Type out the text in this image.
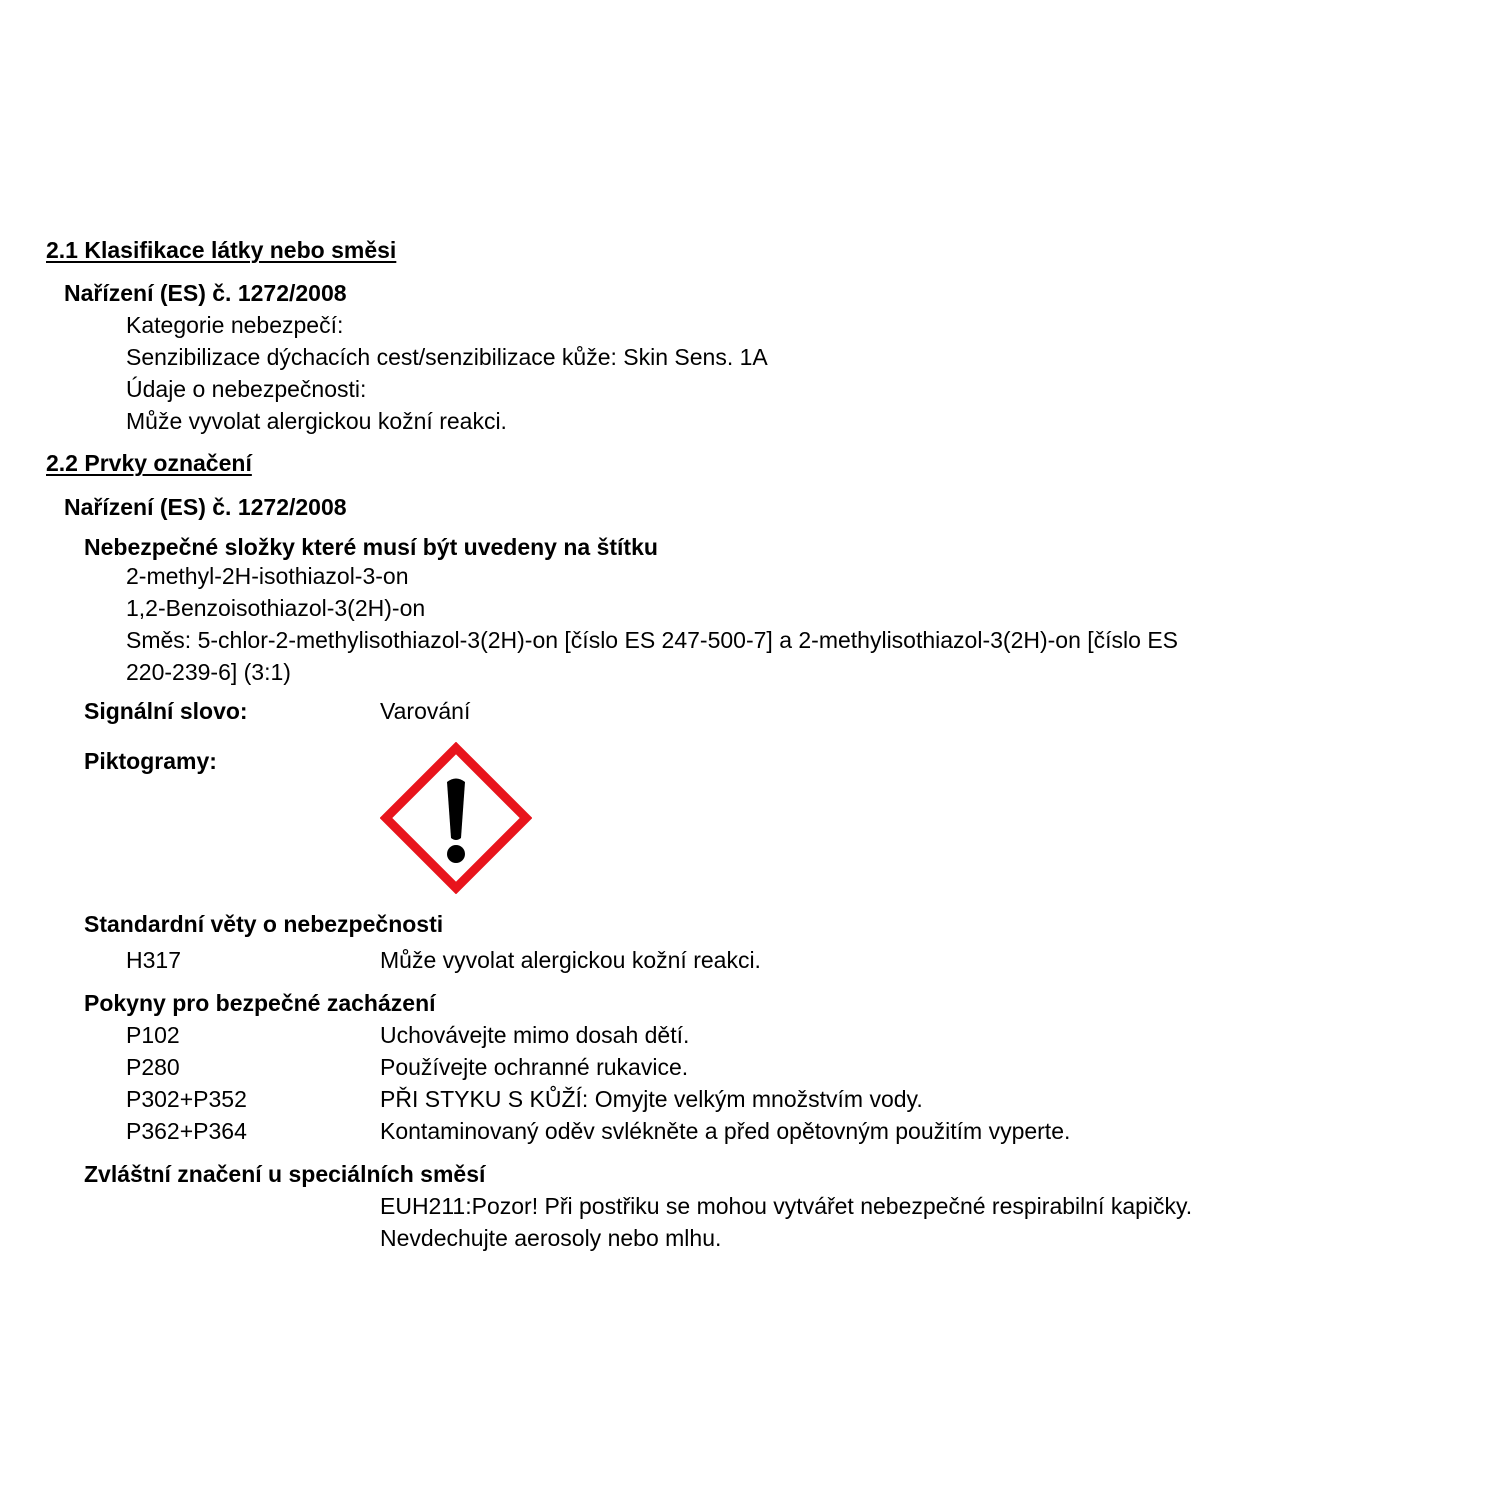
2.1 Klasifikace látky nebo směsi
Nařízení (ES) č. 1272/2008
Kategorie nebezpečí:
Senzibilizace dýchacích cest/senzibilizace kůže: Skin Sens. 1A
Údaje o nebezpečnosti:
Může vyvolat alergickou kožní reakci.
2.2 Prvky označení
Nařízení (ES) č. 1272/2008
Nebezpečné složky které musí být uvedeny na štítku
2-methyl-2H-isothiazol-3-on
1,2-Benzoisothiazol-3(2H)-on
Směs: 5-chlor-2-methylisothiazol-3(2H)-on [číslo ES 247-500-7] a 2-methylisothiazol-3(2H)-on [číslo ES
220-239-6] (3:1)
Signální slovo:	Varování
Piktogramy:
Standardní věty o nebezpečnosti
H317	Může vyvolat alergickou kožní reakci.
Pokyny pro bezpečné zacházení
P102	Uchovávejte mimo dosah dětí.
P280	Používejte ochranné rukavice.
P302+P352	PŘI STYKU S KŮŽÍ: Omyjte velkým množstvím vody.
P362+P364	Kontaminovaný oděv svlékněte a před opětovným použitím vyperte.
Zvláštní značení u speciálních směsí
EUH211:Pozor! Při postřiku se mohou vytvářet nebezpečné respirabilní kapičky.
Nevdechujte aerosoly nebo mlhu.
